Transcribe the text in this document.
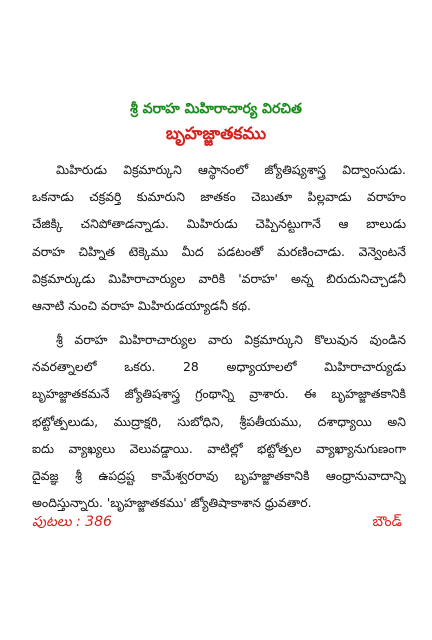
శ్రీ వరాహ మిహిరాచార్య విరచిత
బృహజ్జాతకము
మిహిరుడు విక్రమార్కుని ఆస్థానంలో జ్యోతిష్యశాస్త్ర విద్వాంసుడు.
ఒకనాడు చక్రవర్తి కుమారుని జాతకం చెబుతూ పిల్లవాడు వరాహం
చేజిక్కి చనిపోతాడన్నాడు. మిహిరుడు చెప్పినట్టుగానే ఆ బాలుడు
వరాహ చిహ్నిత టెక్కెము మీద పడటంతో మరణించాడు. వెన్వెంటనే
విక్రమార్కుడు మిహిరాచార్యుల వారికి 'వరాహ' అన్న బిరుదునిచ్చాడనీ
ఆనాటి నుంచి వరాహ మిహిరుడయ్యాడనీ కథ.
శ్రీ వరాహ మిహిరాచార్యుల వారు విక్రమార్కుని కొలువున వుండిన
నవరత్నాలలో ఒకరు. 28 అధ్యాయాలలో మిహిరాచార్యుడు
బృహజ్జాతకమనే జ్యోతిషశాస్త్ర గ్రంథాన్ని వ్రాశారు. ఈ బృహజ్జాతకానికి
భట్టోత్పలుడు, ముద్రాక్షరి, సుబోధిని, శ్రీపతీయము, దశాధ్యాయి అని
ఐదు వ్యాఖ్యలు వెలువడ్డాయి. వాటిల్లో భట్టోత్పల వ్యాఖ్యానుగుణంగా
దైవజ్ఞ శ్రీ ఉపద్రష్ట కామేశ్వరరావు బృహజ్జాతకానికి ఆంధ్రానువాదాన్ని
అందిస్తున్నారు. 'బృహజ్జాతకము' జ్యోతిషాకాశాన ధ్రువతార.
పుటలు : 386	బౌండ్
